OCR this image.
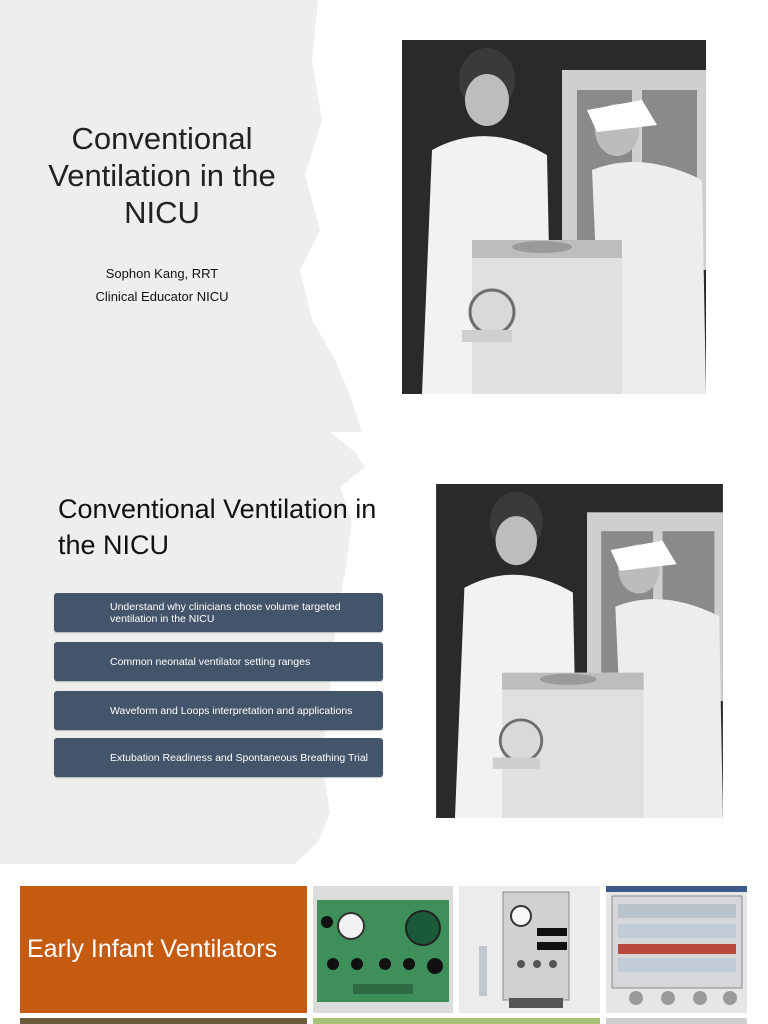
Conventional Ventilation in the NICU
Sophon Kang, RRT
Clinical Educator NICU
Conventional Ventilation in the NICU
Understand why clinicians chose volume targeted ventilation in the NICU
Common neonatal ventilator setting ranges
Waveform and Loops interpretation and applications
Extubation Readiness and Spontaneous Breathing Trial
Early Infant Ventilators
